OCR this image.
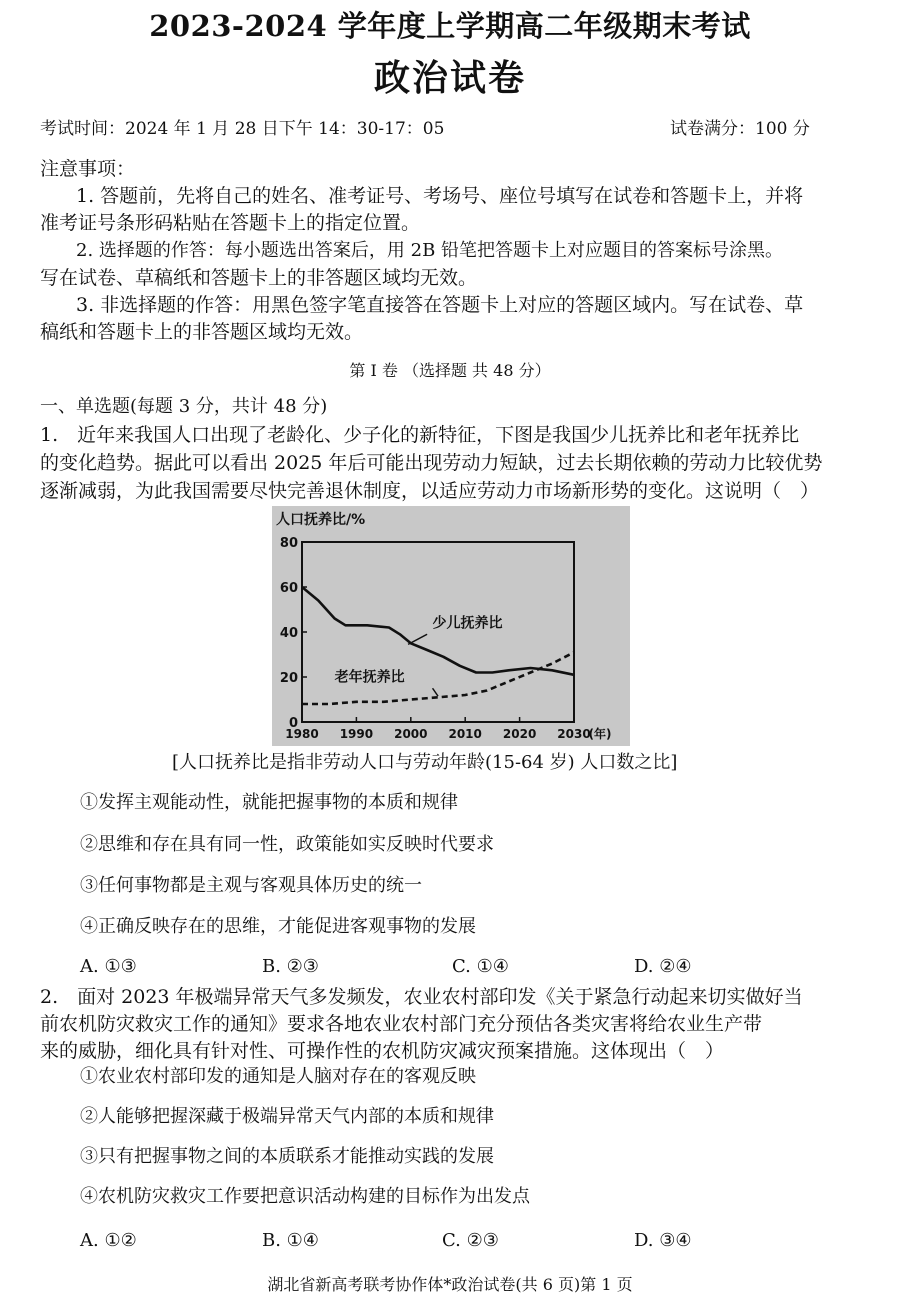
2023-2024 学年度上学期高二年级期末考试
政治试卷
考试时间：2024 年 1 月 28 日下午 14：30-17：05	试卷满分：100 分
注意事项：
1. 答题前，先将自己的姓名、准考证号、考场号、座位号填写在试卷和答题卡上，并将
准考证号条形码粘贴在答题卡上的指定位置。
2. 选择题的作答：每小题选出答案后，用 2B 铅笔把答题卡上对应题目的答案标号涂黑。
写在试卷、草稿纸和答题卡上的非答题区域均无效。
3. 非选择题的作答：用黑色签字笔直接答在答题卡上对应的答题区域内。写在试卷、草
稿纸和答题卡上的非答题区域均无效。
第 I 卷 （选择题 共 48 分）
一、单选题(每题 3 分，共计 48 分)
1.　近年来我国人口出现了老龄化、少子化的新特征，下图是我国少儿抚养比和老年抚养比
的变化趋势。据此可以看出 2025 年后可能出现劳动力短缺，过去长期依赖的劳动力比较优势
逐渐减弱，为此我国需要尽快完善退休制度，以适应劳动力市场新形势的变化。这说明（　）
0
20
40
60
80
1980 1990 2000 2010 2020 2030
人口抚养比/%
(年)
少儿抚养比
老年抚养比
[人口抚养比是指非劳动人口与劳动年龄(15-64 岁) 人口数之比]
①发挥主观能动性，就能把握事物的本质和规律
②思维和存在具有同一性，政策能如实反映时代要求
③任何事物都是主观与客观具体历史的统一
④正确反映存在的思维，才能促进客观事物的发展
A. ①③	B. ②③	C. ①④	D. ②④
2.　面对 2023 年极端异常天气多发频发，农业农村部印发《关于紧急行动起来切实做好当
前农机防灾救灾工作的通知》要求各地农业农村部门充分预估各类灾害将给农业生产带
来的威胁，细化具有针对性、可操作性的农机防灾减灾预案措施。这体现出（　）
①农业农村部印发的通知是人脑对存在的客观反映
②人能够把握深藏于极端异常天气内部的本质和规律
③只有把握事物之间的本质联系才能推动实践的发展
④农机防灾救灾工作要把意识活动构建的目标作为出发点
A. ①②	B. ①④	C. ②③	D. ③④
湖北省新高考联考协作体*政治试卷(共 6 页)第 1 页
